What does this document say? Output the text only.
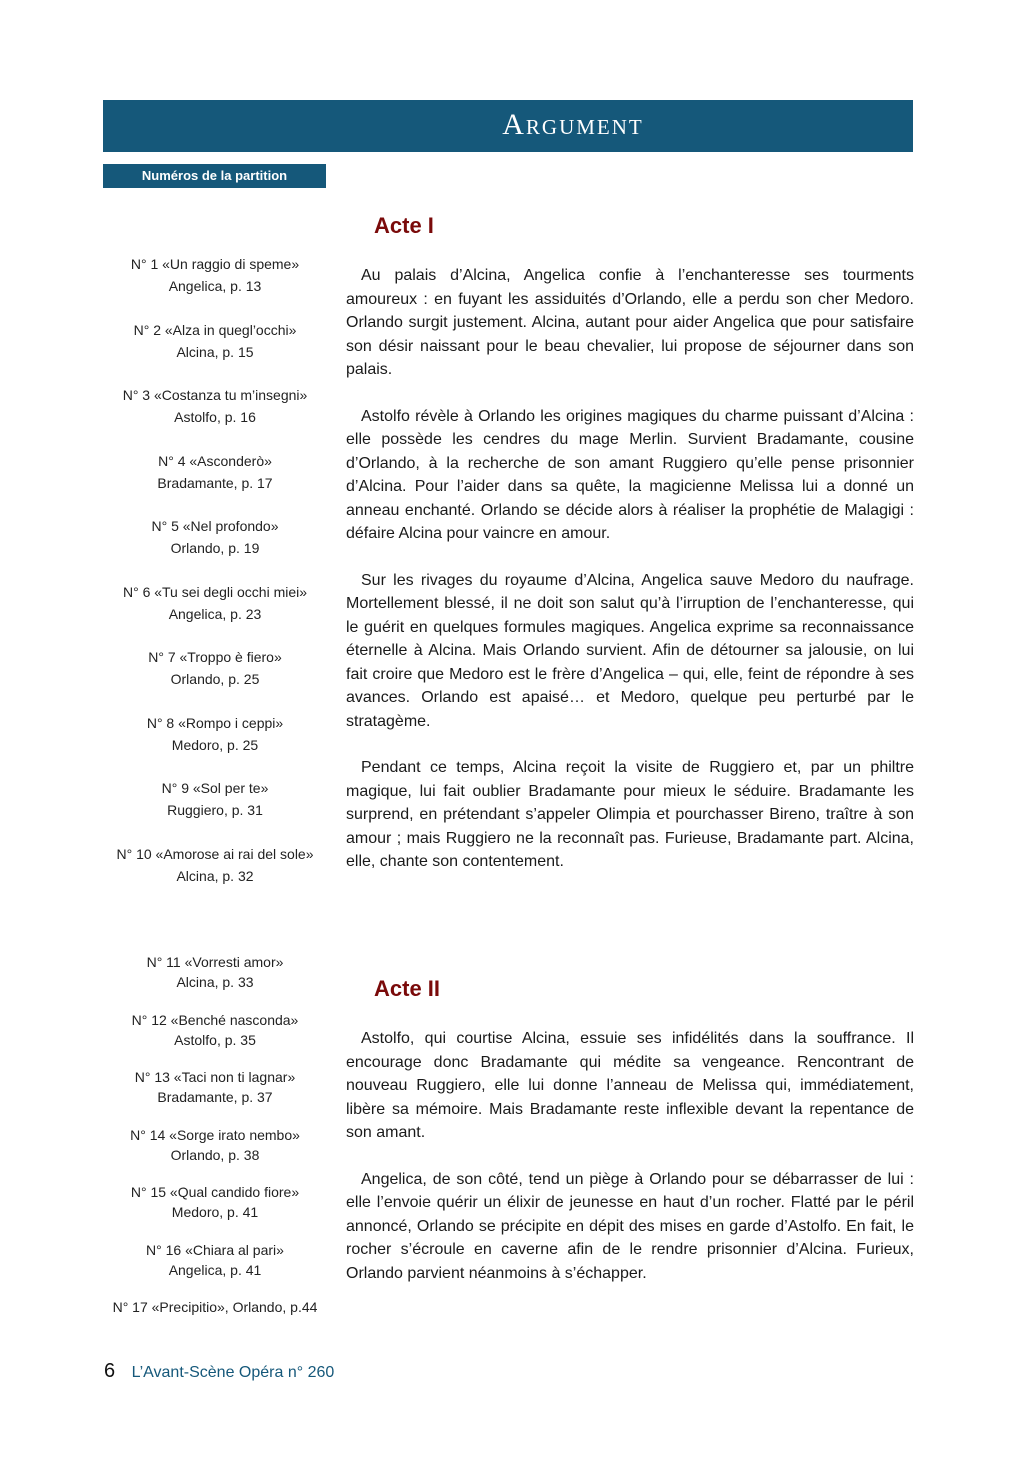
Argument
Numéros de la partition
N° 1 «Un raggio di speme»
Angelica, p. 13
N° 2 «Alza in quegl’occhi»
Alcina, p. 15
N° 3 «Costanza tu m’insegni»
Astolfo, p. 16
N° 4 «Asconderò»
Bradamante, p. 17
N° 5 «Nel profondo»
Orlando, p. 19
N° 6 «Tu sei degli occhi miei»
Angelica, p. 23
N° 7 «Troppo è fiero»
Orlando, p. 25
N° 8 «Rompo i ceppi»
Medoro, p. 25
N° 9 «Sol per te»
Ruggiero, p. 31
N° 10 «Amorose ai rai del sole»
Alcina, p. 32
N° 11 «Vorresti amor»
Alcina, p. 33
N° 12 «Benché nasconda»
Astolfo, p. 35
N° 13 «Taci non ti lagnar»
Bradamante, p. 37
N° 14 «Sorge irato nembo»
Orlando, p. 38
N° 15 «Qual candido fiore»
Medoro, p. 41
N° 16 «Chiara al pari»
Angelica, p. 41
N° 17 «Precipitio», Orlando, p.44
Acte I

Au palais d’Alcina, Angelica confie à l’enchanteresse ses tourments amoureux : en fuyant les assiduités d’Orlando, elle a perdu son cher Medoro. Orlando surgit justement. Alcina, autant pour aider Angelica que pour satisfaire son désir naissant pour le beau chevalier, lui propose de séjourner dans son palais.

Astolfo révèle à Orlando les origines magiques du charme puissant d’Alcina : elle possède les cendres du mage Merlin. Survient Bradamante, cousine d’Orlando, à la recherche de son amant Ruggiero qu’elle pense prisonnier d’Alcina. Pour l’aider dans sa quête, la magicienne Melissa lui a donné un anneau enchanté. Orlando se décide alors à réaliser la prophétie de Malagigi : défaire Alcina pour vaincre en amour.

Sur les rivages du royaume d’Alcina, Angelica sauve Medoro du naufrage. Mortellement blessé, il ne doit son salut qu’à l’irruption de l’enchanteresse, qui le guérit en quelques formules magiques. Angelica exprime sa reconnaissance éternelle à Alcina. Mais Orlando survient. Afin de détourner sa jalousie, on lui fait croire que Medoro est le frère d’Angelica – qui, elle, feint de répondre à ses avances. Orlando est apaisé… et Medoro, quelque peu perturbé par le stratagème.

Pendant ce temps, Alcina reçoit la visite de Ruggiero et, par un philtre magique, lui fait oublier Bradamante pour mieux le séduire. Bradamante les surprend, en prétendant s’appeler Olimpia et pourchasser Bireno, traître à son amour ; mais Ruggiero ne la reconnaît pas. Furieuse, Bradamante part. Alcina, elle, chante son contentement.

Acte II

Astolfo, qui courtise Alcina, essuie ses infidélités dans la souffrance. Il encourage donc Bradamante qui médite sa vengeance. Rencontrant de nouveau Ruggiero, elle lui donne l’anneau de Melissa qui, immédiatement, libère sa mémoire. Mais Bradamante reste inflexible devant la repentance de son amant.

Angelica, de son côté, tend un piège à Orlando pour se débarrasser de lui : elle l’envoie quérir un élixir de jeunesse en haut d’un rocher. Flatté par le péril annoncé, Orlando se précipite en dépit des mises en garde d’Astolfo. En fait, le rocher s’écroule en caverne afin de le rendre prisonnier d’Alcina. Furieux, Orlando parvient néanmoins à s’échapper.

6 L’Avant-Scène Opéra n° 260
